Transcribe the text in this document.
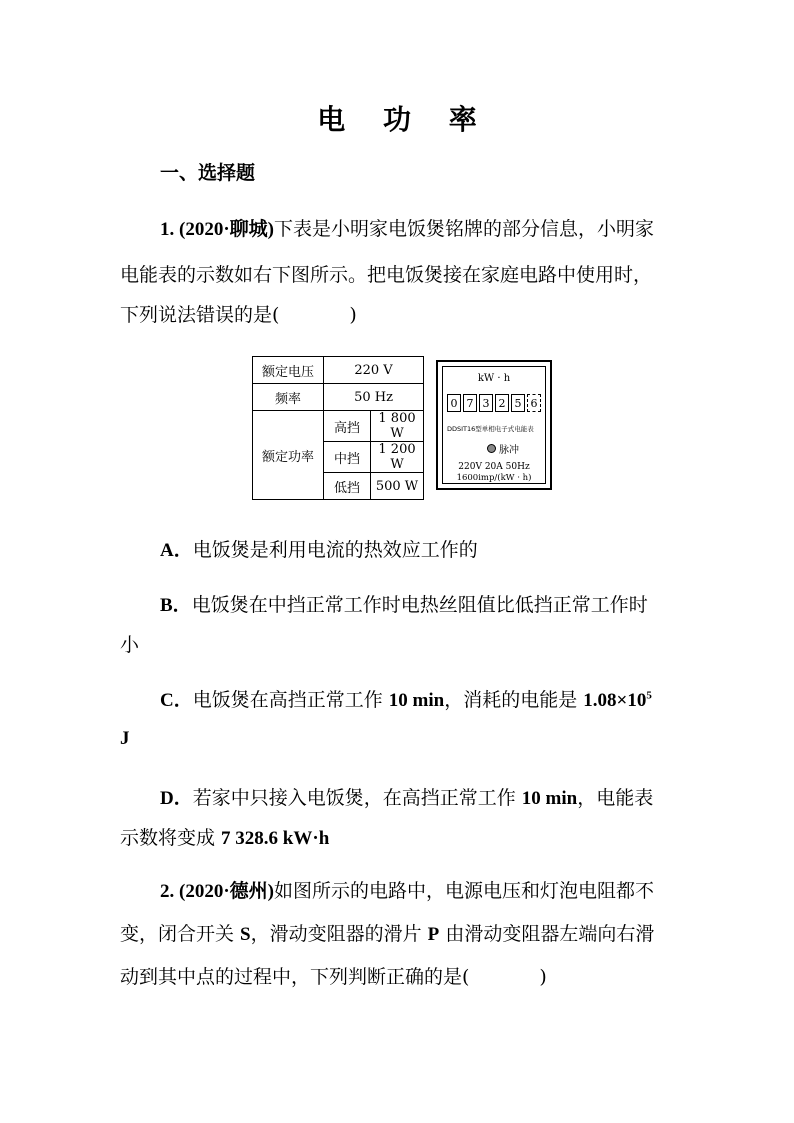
电 功 率
一、选择题
1. (2020·聊城)下表是小明家电饭煲铭牌的部分信息，小明家
电能表的示数如右下图所示。把电饭煲接在家庭电路中使用时，
下列说法错误的是(	)
额定电压	220 V	
频率	50 Hz	
额定功率	高挡	1 800 W
	中挡	1 200 W
	低挡	500 W
kW · h
0 7 3 2 5 6
DDSIT16型单相电子式电能表
脉冲
220V 20A 50Hz
1600imp/(kW · h)
A．电饭煲是利用电流的热效应工作的
B．电饭煲在中挡正常工作时电热丝阻值比低挡正常工作时
小
C．电饭煲在高挡正常工作 10 min，消耗的电能是 $1.08\times 10^5$
J
D．若家中只接入电饭煲，在高挡正常工作 10 min，电能表
示数将变成 7 328.6 kW·h
2. (2020·德州)如图所示的电路中，电源电压和灯泡电阻都不
变，闭合开关 S，滑动变阻器的滑片 P 由滑动变阻器左端向右滑
动到其中点的过程中，下列判断正确的是(	)
